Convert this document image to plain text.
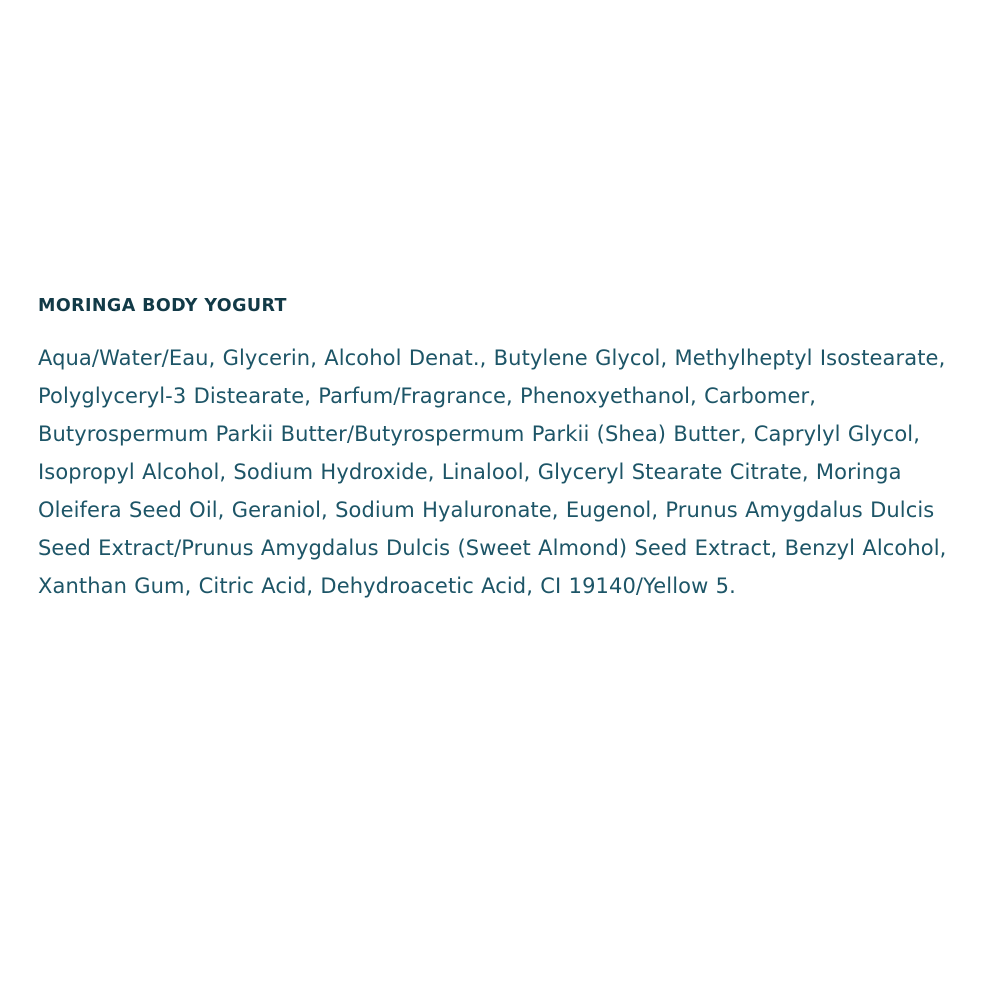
MORINGA BODY YOGURT

Aqua/Water/Eau, Glycerin, Alcohol Denat., Butylene Glycol, Methylheptyl Isostearate, Polyglyceryl-3 Distearate, Parfum/Fragrance, Phenoxyethanol, Carbomer, Butyrospermum Parkii Butter/Butyrospermum Parkii (Shea) Butter, Caprylyl Glycol, Isopropyl Alcohol, Sodium Hydroxide, Linalool, Glyceryl Stearate Citrate, Moringa Oleifera Seed Oil, Geraniol, Sodium Hyaluronate, Eugenol, Prunus Amygdalus Dulcis Seed Extract/Prunus Amygdalus Dulcis (Sweet Almond) Seed Extract, Benzyl Alcohol, Xanthan Gum, Citric Acid, Dehydroacetic Acid, CI 19140/Yellow 5.
